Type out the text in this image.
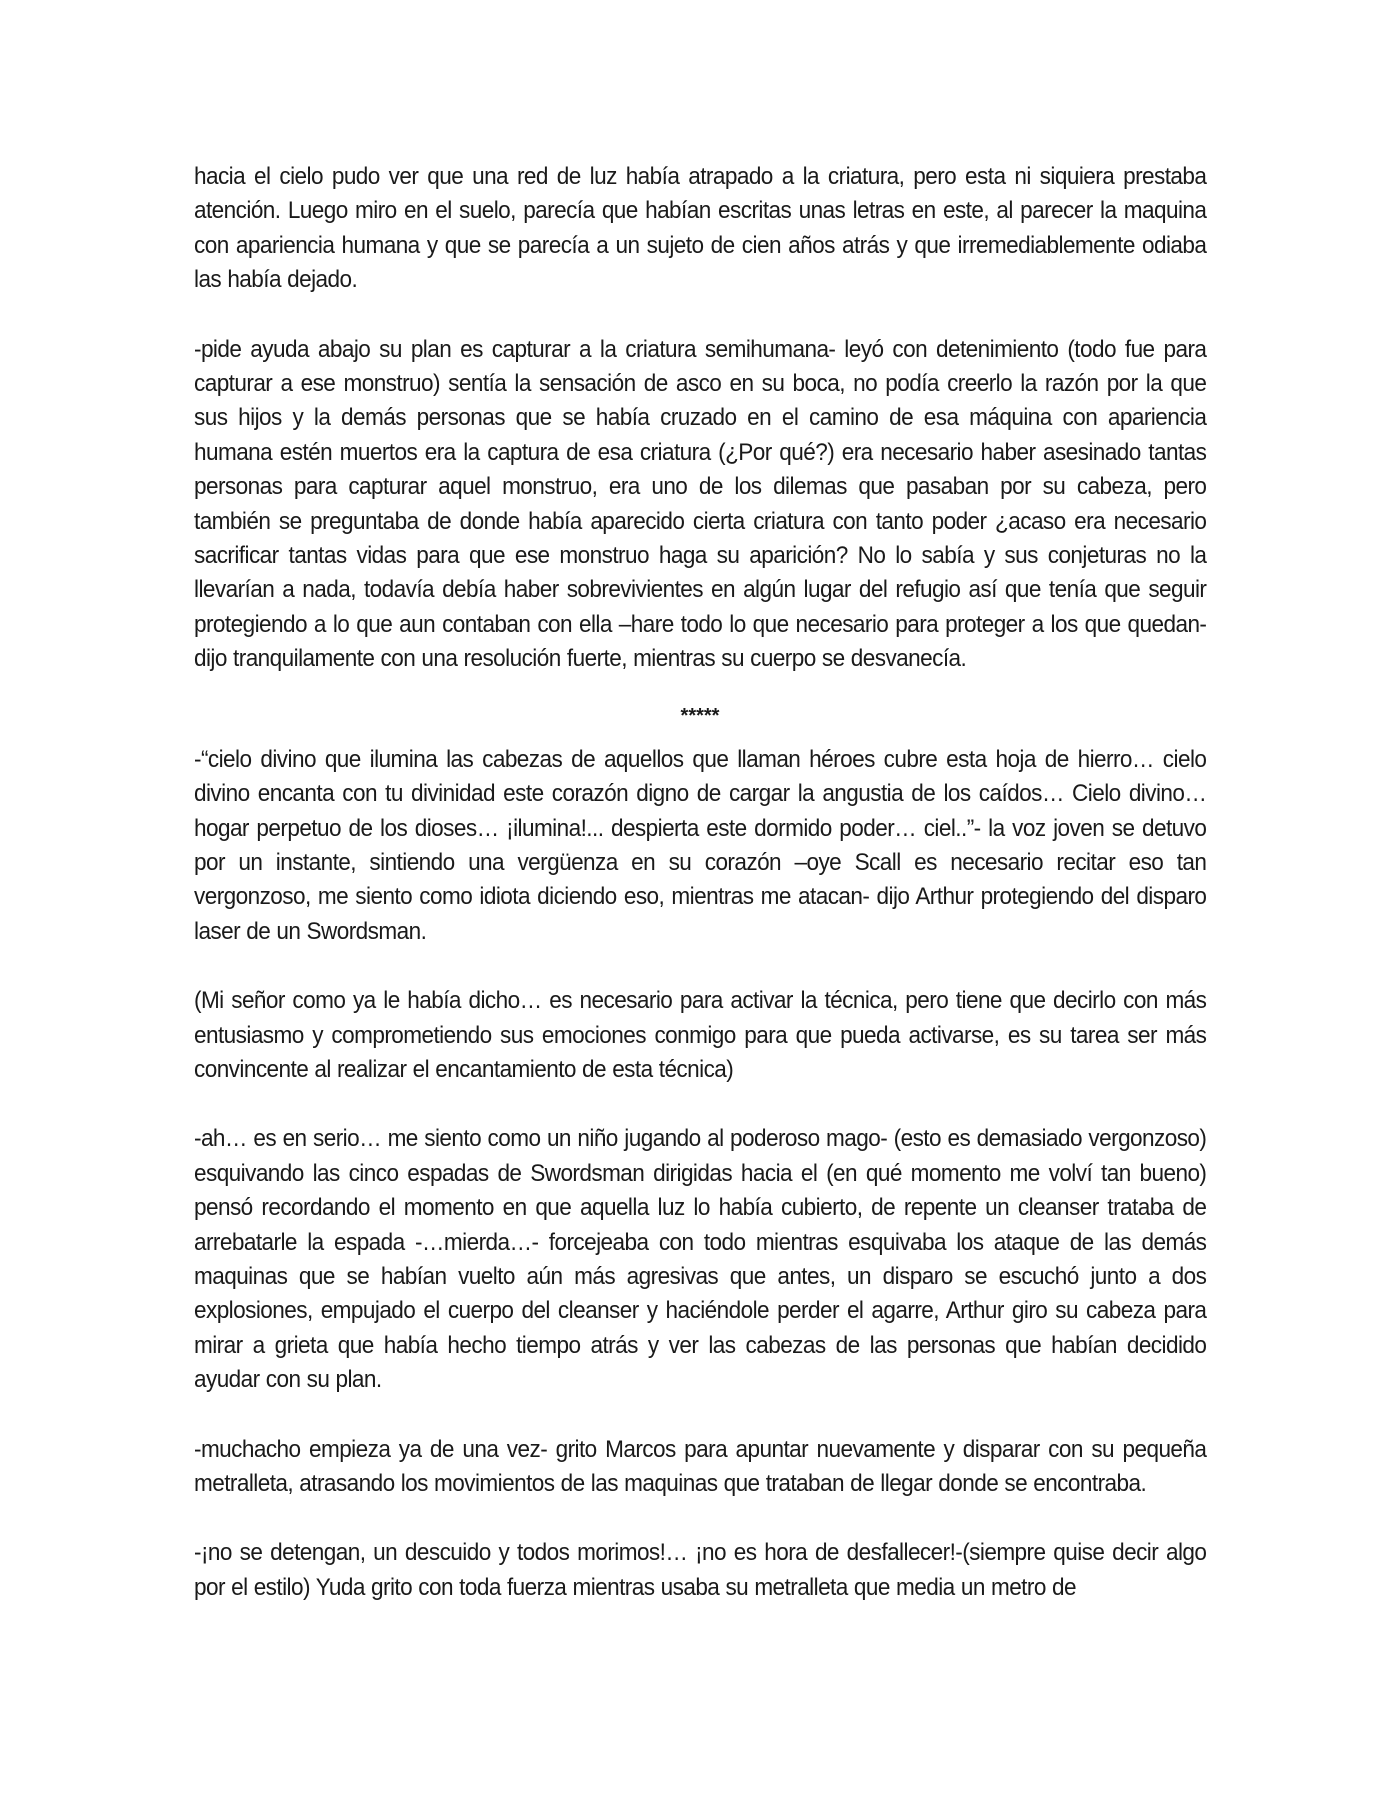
hacia el cielo pudo ver que una red de luz había atrapado a la criatura, pero esta ni siquiera prestaba atención. Luego miro en el suelo, parecía que habían escritas unas letras en este, al parecer la maquina con apariencia humana y que se parecía a un sujeto de cien años atrás y que irremediablemente odiaba las había dejado.

-pide ayuda abajo su plan es capturar a la criatura semihumana- leyó con detenimiento (todo fue para capturar a ese monstruo) sentía la sensación de asco en su boca, no podía creerlo la razón por la que sus hijos y la demás personas que se había cruzado en el camino de esa máquina con apariencia humana estén muertos era la captura de esa criatura (¿Por qué?) era necesario haber asesinado tantas personas para capturar aquel monstruo, era uno de los dilemas que pasaban por su cabeza, pero también se preguntaba de donde había aparecido cierta criatura con tanto poder ¿acaso era necesario sacrificar tantas vidas para que ese monstruo haga su aparición? No lo sabía y sus conjeturas no la llevarían a nada, todavía debía haber sobrevivientes en algún lugar del refugio así que tenía que seguir protegiendo a lo que aun contaban con ella –hare todo lo que necesario para proteger a los que quedan- dijo tranquilamente con una resolución fuerte, mientras su cuerpo se desvanecía.

*****

-“cielo divino que ilumina las cabezas de aquellos que llaman héroes cubre esta hoja de hierro… cielo divino encanta con tu divinidad este corazón digno de cargar la angustia de los caídos… Cielo divino… hogar perpetuo de los dioses… ¡ilumina!... despierta este dormido poder… ciel..”- la voz joven se detuvo por un instante, sintiendo una vergüenza en su corazón –oye Scall es necesario recitar eso tan vergonzoso, me siento como idiota diciendo eso, mientras me atacan- dijo Arthur protegiendo del disparo laser de un Swordsman.

(Mi señor como ya le había dicho… es necesario para activar la técnica, pero tiene que decirlo con más entusiasmo y comprometiendo sus emociones conmigo para que pueda activarse, es su tarea ser más convincente al realizar el encantamiento de esta técnica)

-ah… es en serio… me siento como un niño jugando al poderoso mago- (esto es demasiado vergonzoso) esquivando las cinco espadas de Swordsman dirigidas hacia el (en qué momento me volví tan bueno) pensó recordando el momento en que aquella luz lo había cubierto, de repente un cleanser trataba de arrebatarle la espada -…mierda…- forcejeaba con todo mientras esquivaba los ataque de las demás maquinas que se habían vuelto aún más agresivas que antes, un disparo se escuchó junto a dos explosiones, empujado el cuerpo del cleanser y haciéndole perder el agarre, Arthur giro su cabeza para mirar a grieta que había hecho tiempo atrás y ver las cabezas de las personas que habían decidido ayudar con su plan.

-muchacho empieza ya de una vez- grito Marcos para apuntar nuevamente y disparar con su pequeña metralleta, atrasando los movimientos de las maquinas que trataban de llegar donde se encontraba.

-¡no se detengan, un descuido y todos morimos!… ¡no es hora de desfallecer!-(siempre quise decir algo por el estilo) Yuda grito con toda fuerza mientras usaba su metralleta que media un metro de
